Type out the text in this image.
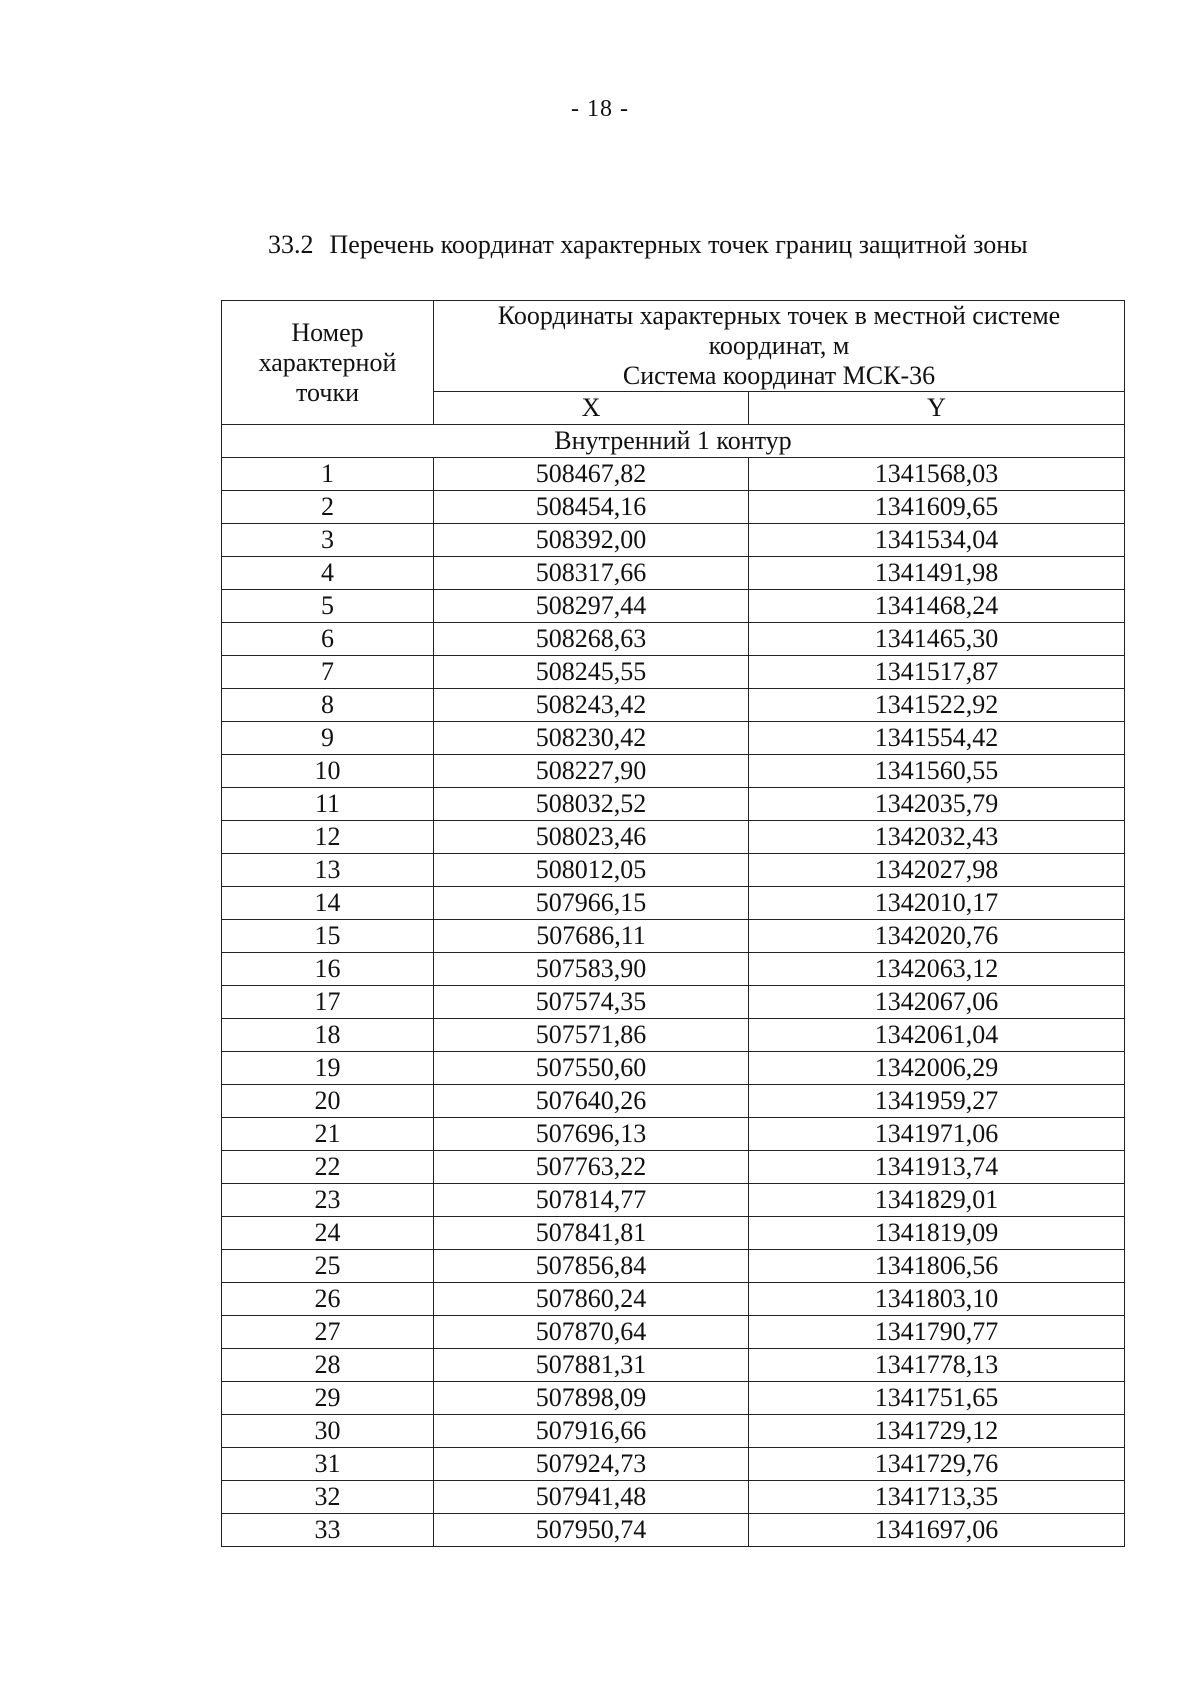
- 18 -
33.2 Перечень координат характерных точек границ защитной зоны
Номер
характерной
точки	Координаты характерных точек в местной системе
координат, м
Система координат МСК-36	

	X	Y
Внутренний 1 контур		
1	508467,82	1341568,03
2	508454,16	1341609,65
3	508392,00	1341534,04
4	508317,66	1341491,98
5	508297,44	1341468,24
6	508268,63	1341465,30
7	508245,55	1341517,87
8	508243,42	1341522,92
9	508230,42	1341554,42
10	508227,90	1341560,55
11	508032,52	1342035,79
12	508023,46	1342032,43
13	508012,05	1342027,98
14	507966,15	1342010,17
15	507686,11	1342020,76
16	507583,90	1342063,12
17	507574,35	1342067,06
18	507571,86	1342061,04
19	507550,60	1342006,29
20	507640,26	1341959,27
21	507696,13	1341971,06
22	507763,22	1341913,74
23	507814,77	1341829,01
24	507841,81	1341819,09
25	507856,84	1341806,56
26	507860,24	1341803,10
27	507870,64	1341790,77
28	507881,31	1341778,13
29	507898,09	1341751,65
30	507916,66	1341729,12
31	507924,73	1341729,76
32	507941,48	1341713,35
33	507950,74	1341697,06
